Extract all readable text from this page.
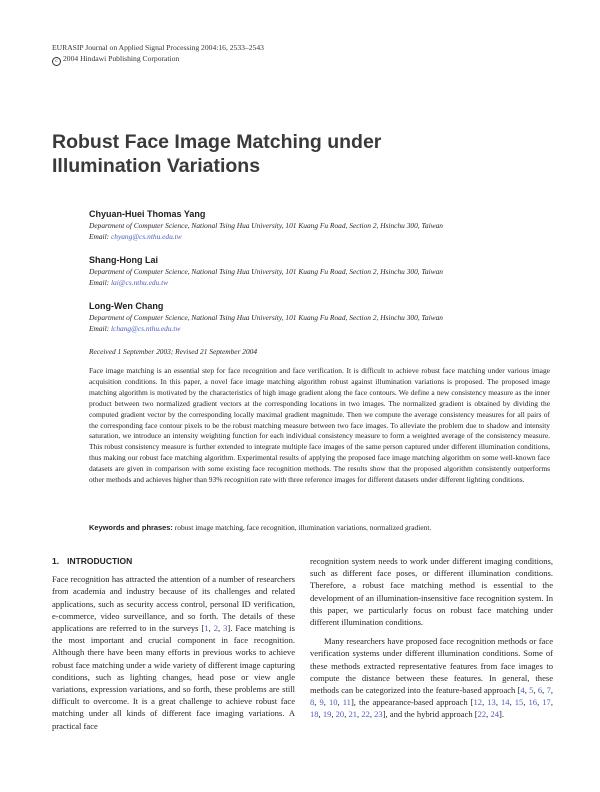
EURASIP Journal on Applied Signal Processing 2004:16, 2533–2543
c 2004 Hindawi Publishing Corporation
Robust Face Image Matching under
Illumination Variations
Chyuan-Huei Thomas Yang
Department of Computer Science, National Tsing Hua University, 101 Kuang Fu Road, Section 2, Hsinchu 300, Taiwan
Email: chyang@cs.nthu.edu.tw
Shang-Hong Lai
Department of Computer Science, National Tsing Hua University, 101 Kuang Fu Road, Section 2, Hsinchu 300, Taiwan
Email: lai@cs.nthu.edu.tw
Long-Wen Chang
Department of Computer Science, National Tsing Hua University, 101 Kuang Fu Road, Section 2, Hsinchu 300, Taiwan
Email: lchang@cs.nthu.edu.tw
Received 1 September 2003; Revised 21 September 2004

Face image matching is an essential step for face recognition and face verification. It is difficult to achieve robust face matching under various image acquisition conditions. In this paper, a novel face image matching algorithm robust against illumination variations is proposed. The proposed image matching algorithm is motivated by the characteristics of high image gradient along the face contours. We define a new consistency measure as the inner product between two normalized gradient vectors at the corresponding locations in two images. The normalized gradient is obtained by dividing the computed gradient vector by the corresponding locally maximal gradient magnitude. Then we compute the average consistency measures for all pairs of the corresponding face contour pixels to be the robust matching measure between two face images. To alleviate the problem due to shadow and intensity saturation, we introduce an intensity weighting function for each individual consistency measure to form a weighted average of the consistency measure. This robust consistency measure is further extended to integrate multiple face images of the same person captured under different illumination conditions, thus making our robust face matching algorithm. Experimental results of applying the proposed face image matching algorithm on some well-known face datasets are given in comparison with some existing face recognition methods. The results show that the proposed algorithm consistently outperforms other methods and achieves higher than 93% recognition rate with three reference images for different datasets under different lighting conditions.

Keywords and phrases: robust image matching, face recognition, illumination variations, normalized gradient.

1. INTRODUCTION

Face recognition has attracted the attention of a number of researchers from academia and industry because of its challenges and related applications, such as security access control, personal ID verification, e-commerce, video surveillance, and so forth. The details of these applications are referred to in the surveys [1, 2, 3]. Face matching is the most important and crucial component in face recognition. Although there have been many efforts in previous works to achieve robust face matching under a wide variety of different image capturing conditions, such as lighting changes, head pose or view angle variations, expression variations, and so forth, these problems are still difficult to overcome. It is a great challenge to achieve robust face matching under all kinds of different face imaging variations. A practical face

recognition system needs to work under different imaging conditions, such as different face poses, or different illumination conditions. Therefore, a robust face matching method is essential to the development of an illumination-insensitive face recognition system. In this paper, we particularly focus on robust face matching under different illumination conditions.

Many researchers have proposed face recognition methods or face verification systems under different illumination conditions. Some of these methods extracted representative features from face images to compute the distance between these features. In general, these methods can be categorized into the feature-based approach [4, 5, 6, 7, 8, 9, 10, 11], the appearance-based approach [12, 13, 14, 15, 16, 17, 18, 19, 20, 21, 22, 23], and the hybrid approach [22, 24].
